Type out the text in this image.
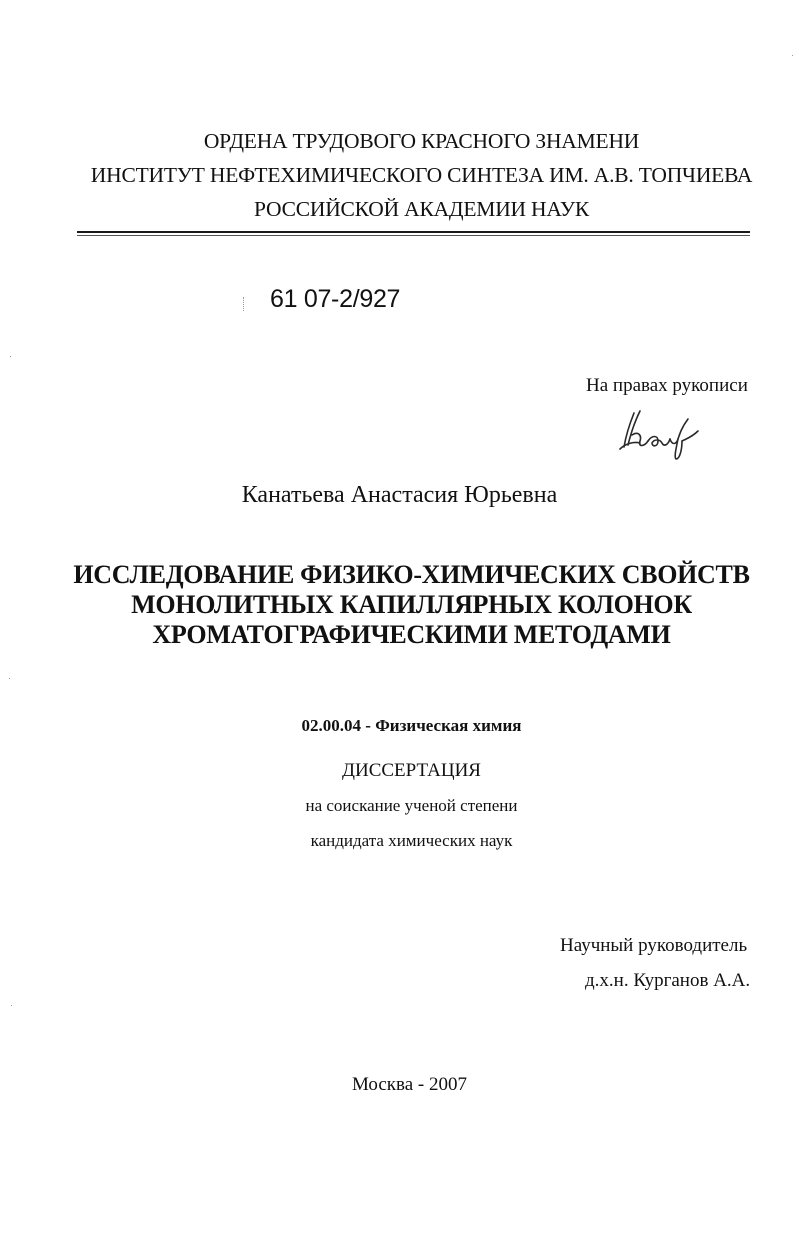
ОРДЕНА ТРУДОВОГО КРАСНОГО ЗНАМЕНИ
ИНСТИТУТ НЕФТЕХИМИЧЕСКОГО СИНТЕЗА ИМ. А.В. ТОПЧИЕВА
РОССИЙСКОЙ АКАДЕМИИ НАУК
61 07-2/927
На правах рукописи
Канатьева Анастасия Юрьевна
ИССЛЕДОВАНИЕ ФИЗИКО-ХИМИЧЕСКИХ СВОЙСТВ
МОНОЛИТНЫХ КАПИЛЛЯРНЫХ КОЛОНОК
ХРОМАТОГРАФИЧЕСКИМИ МЕТОДАМИ
02.00.04 - Физическая химия
ДИССЕРТАЦИЯ
на соискание ученой степени
кандидата химических наук
Научный руководитель
д.х.н. Курганов А.А.
Москва - 2007
